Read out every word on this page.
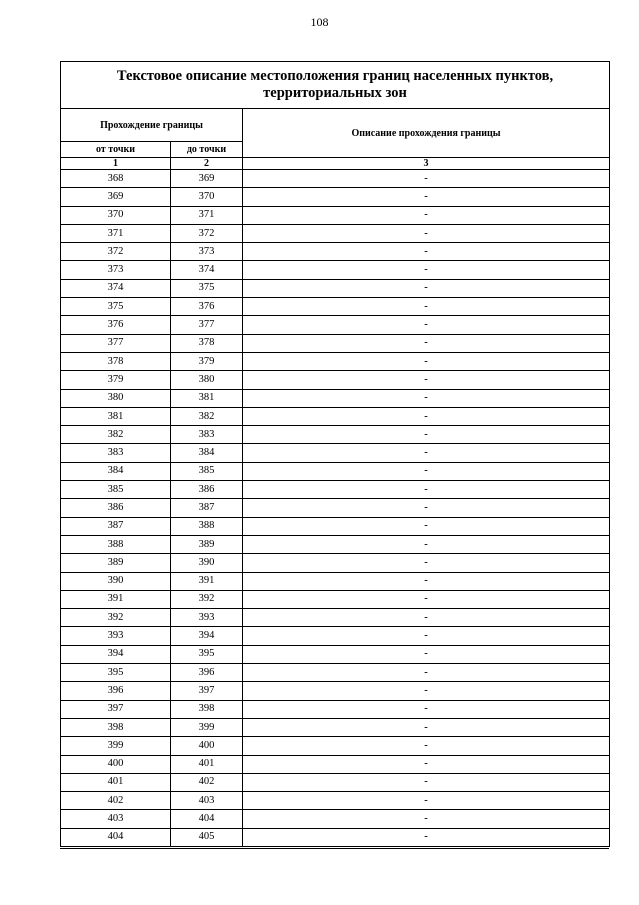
108
Текстовое описание местоположения границ населенных пунктов,
территориальных зон		
Прохождение границы		Описание прохождения границы
от точки	до точки	
1	2	3
368	369	-
369	370	-
370	371	-
371	372	-
372	373	-
373	374	-
374	375	-
375	376	-
376	377	-
377	378	-
378	379	-
379	380	-
380	381	-
381	382	-
382	383	-
383	384	-
384	385	-
385	386	-
386	387	-
387	388	-
388	389	-
389	390	-
390	391	-
391	392	-
392	393	-
393	394	-
394	395	-
395	396	-
396	397	-
397	398	-
398	399	-
399	400	-
400	401	-
401	402	-
402	403	-
403	404	-
404	405	-
